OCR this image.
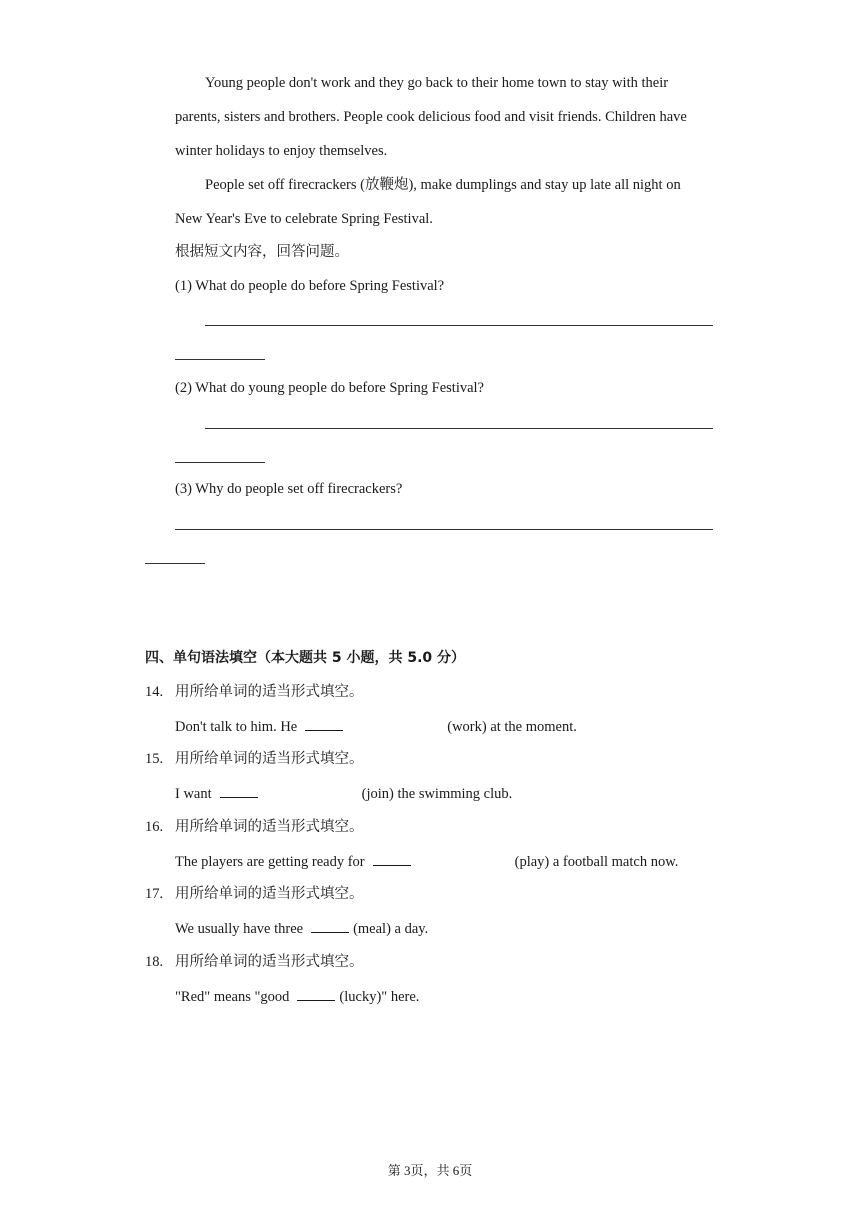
Young people don't work and they go back to their home town to stay with their
parents, sisters and brothers. People cook delicious food and visit friends. Children have
winter holidays to enjoy themselves.
People set off firecrackers (放鞭炮), make dumplings and stay up late all night on
New Year's Eve to celebrate Spring Festival.
根据短文内容，回答问题。
(1) What do people do before Spring Festival?
(2) What do young people do before Spring Festival?
(3) Why do people set off firecrackers?
四、单句语法填空（本大题共 5 小题，共 5.0 分）
14. 用所给单词的适当形式填空。
Don't talk to him. He	(work) at the moment.
15. 用所给单词的适当形式填空。
I want	(join) the swimming club.
16. 用所给单词的适当形式填空。
The players are getting ready for	(play) a football match now.
17. 用所给单词的适当形式填空。
We usually have three	(meal) a day.
18. 用所给单词的适当形式填空。
"Red" means "good	(lucky)" here.
第 3页，共 6页
